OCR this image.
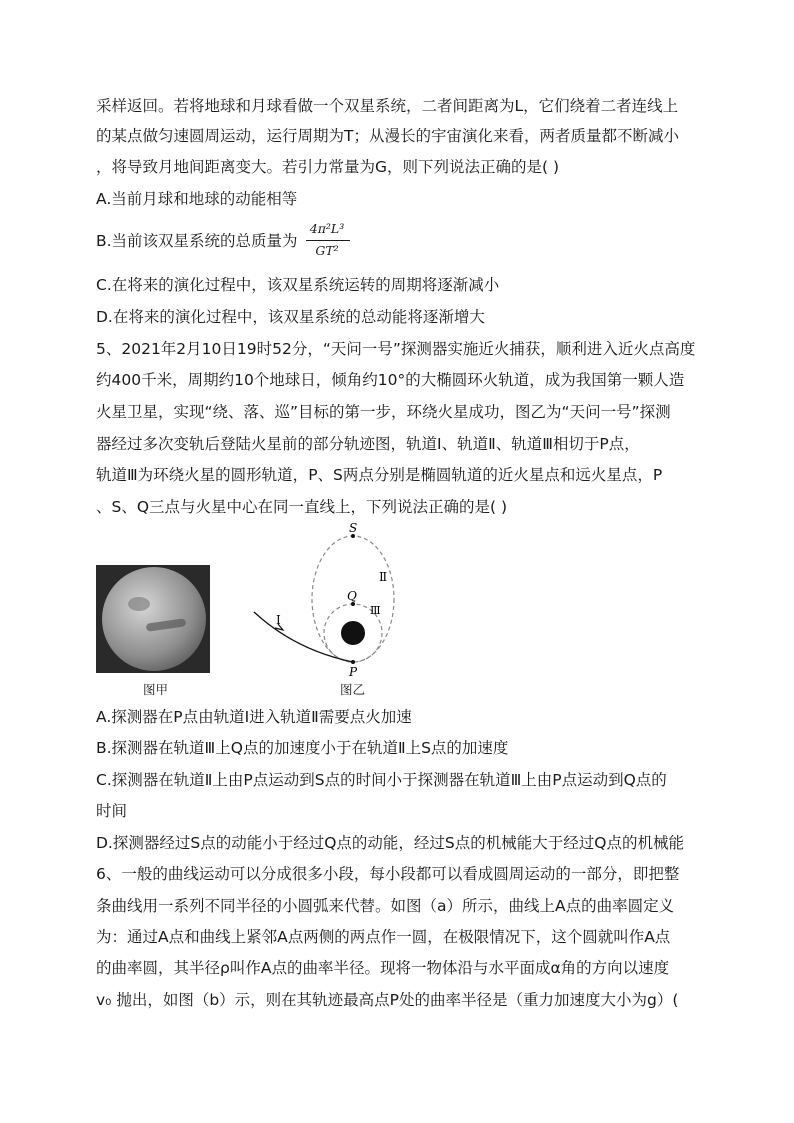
采样返回。若将地球和月球看做一个双星系统，二者间距离为L，它们绕着二者连线上
的某点做匀速圆周运动，运行周期为T；从漫长的宇宙演化来看，两者质量都不断减小
，将导致月地间距离变大。若引力常量为G，则下列说法正确的是( )
A.当前月球和地球的动能相等
B.当前该双星系统的总质量为
4π²L³
GT²
C.在将来的演化过程中，该双星系统运转的周期将逐渐减小
D.在将来的演化过程中，该双星系统的总动能将逐渐增大
5、2021年2月10日19时52分，“天问一号”探测器实施近火捕获，顺利进入近火点高度
约400千米，周期约10个地球日，倾角约10°的大椭圆环火轨道，成为我国第一颗人造
火星卫星，实现“绕、落、巡”目标的第一步，环绕火星成功，图乙为“天问一号”探测
器经过多次变轨后登陆火星前的部分轨迹图，轨道Ⅰ、轨道Ⅱ、轨道Ⅲ相切于P点，
轨道Ⅲ为环绕火星的圆形轨道，P、S两点分别是椭圆轨道的近火星点和远火星点，P
、S、Q三点与火星中心在同一直线上，下列说法正确的是( )
图甲
S
Q
P
Ⅰ
Ⅱ
Ⅲ
图乙
A.探测器在P点由轨道Ⅰ进入轨道Ⅱ需要点火加速
B.探测器在轨道Ⅲ上Q点的加速度小于在轨道Ⅱ上S点的加速度
C.探测器在轨道Ⅱ上由P点运动到S点的时间小于探测器在轨道Ⅲ上由P点运动到Q点的
时间
D.探测器经过S点的动能小于经过Q点的动能，经过S点的机械能大于经过Q点的机械能
6、一般的曲线运动可以分成很多小段，每小段都可以看成圆周运动的一部分，即把整
条曲线用一系列不同半径的小圆弧来代替。如图（a）所示，曲线上A点的曲率圆定义
为：通过A点和曲线上紧邻A点两侧的两点作一圆，在极限情况下，这个圆就叫作A点
的曲率圆，其半径ρ叫作A点的曲率半径。现将一物体沿与水平面成α角的方向以速度
v₀ 抛出，如图（b）示，则在其轨迹最高点P处的曲率半径是（重力加速度大小为g）(
